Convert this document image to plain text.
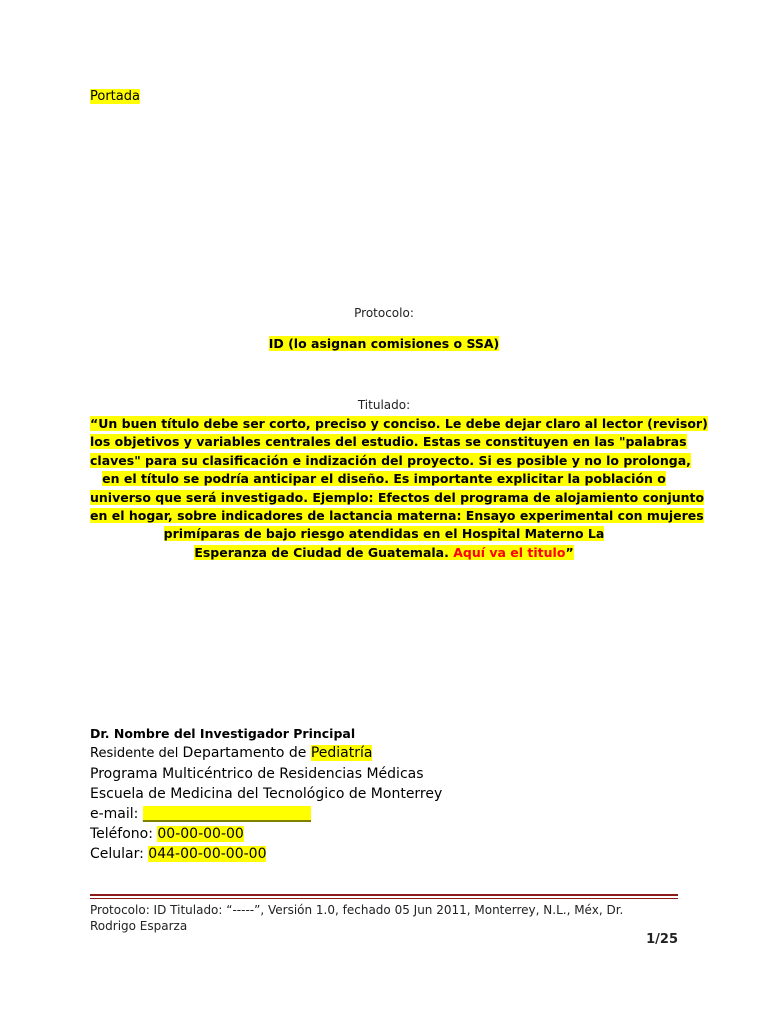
Portada
Protocolo:
ID (lo asignan comisiones o SSA)
Titulado:
“Un buen título debe ser corto, preciso y conciso. Le debe dejar claro al lector (revisor)
los objetivos y variables centrales del estudio. Estas se constituyen en las "palabras
claves" para su clasificación e indización del proyecto. Si es posible y no lo prolonga,
en el título se podría anticipar el diseño. Es importante explicitar la población o
universo que será investigado. Ejemplo: Efectos del programa de alojamiento conjunto
en el hogar, sobre indicadores de lactancia materna: Ensayo experimental con mujeres
primíparas de bajo riesgo atendidas en el Hospital Materno La
Esperanza de Ciudad de Guatemala. Aquí va el titulo”
Dr. Nombre del Investigador Principal
Residente del Departamento de Pediatría
Programa Multicéntrico de Residencias Médicas
Escuela de Medicina del Tecnológico de Monterrey
e-mail: ________________________
Teléfono: 00-00-00-00
Celular: 044-00-00-00-00
Protocolo: ID Titulado: “-----”, Versión 1.0, fechado 05 Jun 2011, Monterrey, N.L., Méx, Dr. Rodrigo Esparza
1/25
